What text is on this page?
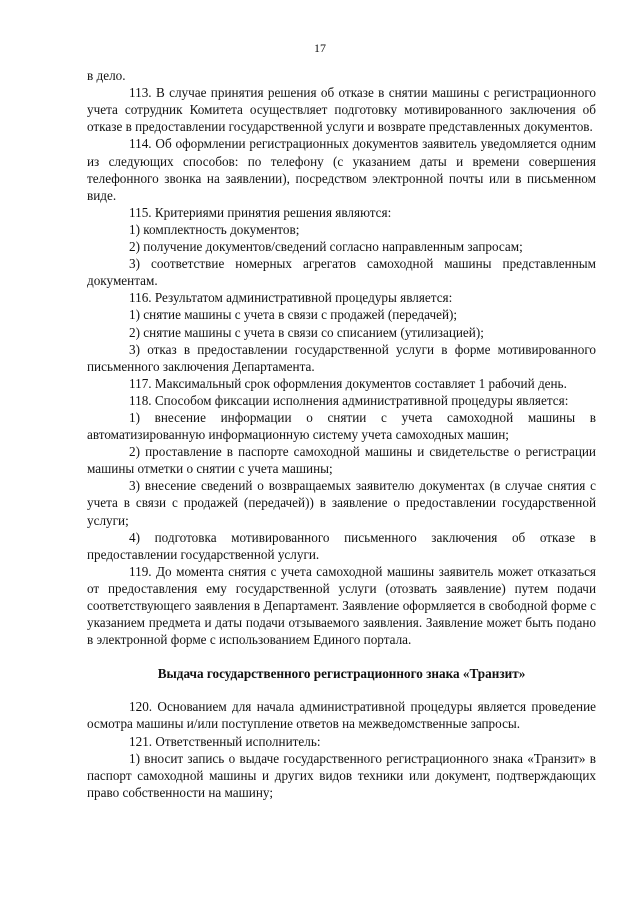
17

в дело.

113. В случае принятия решения об отказе в снятии машины с регистрационного учета сотрудник Комитета осуществляет подготовку мотивированного заключения об отказе в предоставлении государственной услуги и возврате представленных документов.

114. Об оформлении регистрационных документов заявитель уведомляется одним из следующих способов: по телефону (с указанием даты и времени совершения телефонного звонка на заявлении), посредством электронной почты или в письменном виде.

115. Критериями принятия решения являются:

1) комплектность документов;

2) получение документов/сведений согласно направленным запросам;

3) соответствие номерных агрегатов самоходной машины представленным документам.

116. Результатом административной процедуры является:

1) снятие машины с учета в связи с продажей (передачей);

2) снятие машины с учета в связи со списанием (утилизацией);

3) отказ в предоставлении государственной услуги в форме мотивированного письменного заключения Департамента.

117. Максимальный срок оформления документов составляет 1 рабочий день.

118. Способом фиксации исполнения административной процедуры является:

1) внесение информации о снятии с учета самоходной машины в автоматизированную информационную систему учета самоходных машин;

2) проставление в паспорте самоходной машины и свидетельстве о регистрации машины отметки о снятии с учета машины;

3) внесение сведений о возвращаемых заявителю документах (в случае снятия с учета в связи с продажей (передачей)) в заявление о предоставлении государственной услуги;

4) подготовка мотивированного письменного заключения об отказе в предоставлении государственной услуги.

119. До момента снятия с учета самоходной машины заявитель может отказаться от предоставления ему государственной услуги (отозвать заявление) путем подачи соответствующего заявления в Департамент. Заявление оформляется в свободной форме с указанием предмета и даты подачи отзываемого заявления. Заявление может быть подано в электронной форме с использованием Единого портала.

Выдача государственного регистрационного знака «Транзит»

120. Основанием для начала административной процедуры является проведение осмотра машины и/или поступление ответов на межведомственные запросы.

121. Ответственный исполнитель:

1) вносит запись о выдаче государственного регистрационного знака «Транзит» в паспорт самоходной машины и других видов техники или документ, подтверждающих право собственности на машину;
